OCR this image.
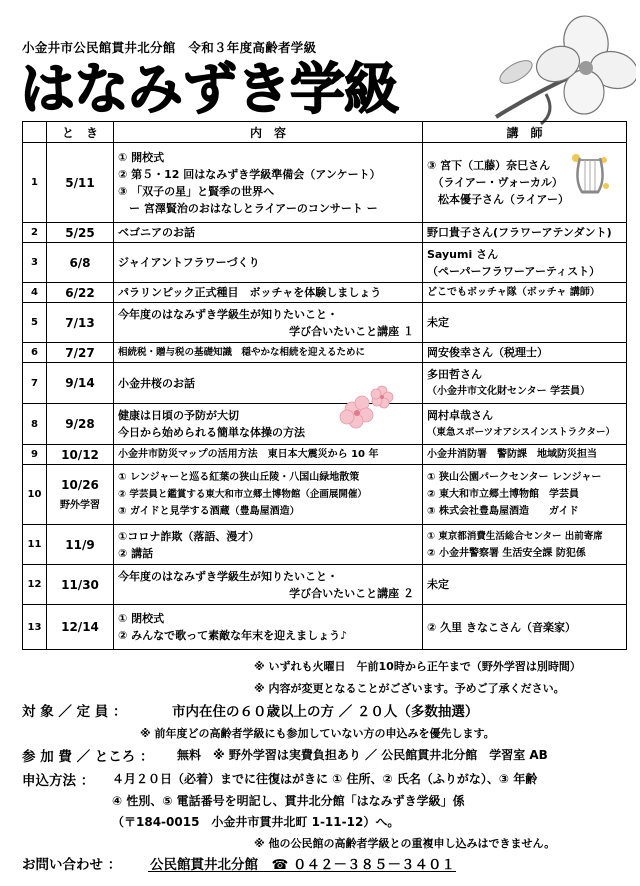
小金井市公民館貫井北分館　令和３年度高齢者学級
はなみずき学級
	と　き	内　容	講　師
1	5/11	① 開校式
② 第５・12 回はなみずき学級準備会（アンケート）
③ 「双子の星」と賢季の世界へ
　ー 宮澤賢治のおはなしとライアーのコンサート ー	③ 宮下（工藤）奈巳さん
　（ライアー・ヴォーカル）
　松本優子さん（ライアー）

2	5/25	ベゴニアのお話	野口貴子さん(フラワーアテンダント)

3	6/8	ジャイアントフラワーづくり	Sayumi さん
（ペーパーフラワーアーティスト）

4	6/22	パラリンピック正式種目　ボッチャを体験しましょう	どこでもボッチャ隊（ボッチャ 講師）

5	7/13	今年度のはなみずき学級生が知りたいこと・
学び合いたいこと講座 １	未定

6	7/27	相続税・贈与税の基礎知識　穏やかな相続を迎えるために	岡安俊幸さん（税理士）

7	9/14	小金井桜のお話	多田哲さん
（小金井市文化財センター 学芸員）

8	9/28	健康は日頃の予防が大切
今日から始められる簡単な体操の方法	岡村卓哉さん
（東急スポーツオアシスインストラクター）

9	10/12	小金井市防災マップの活用方法　東日本大震災から 10 年	小金井消防署　警防課　地域防災担当

10	10/26
野外学習	① レンジャーと巡る紅葉の狭山丘陵・八国山緑地散策
② 学芸員と鑑賞する東大和市立郷土博物館（企画展開催）
③ ガイドと見学する酒蔵（豊島屋酒造）	① 狭山公園パークセンター レンジャー
② 東大和市立郷土博物館　学芸員
③ 株式会社豊島屋酒造　　ガイド

11	11/9	①コロナ詐欺（落語、漫才）
② 講話	① 東京都消費生活総合センター 出前寄席
② 小金井警察署 生活安全課 防犯係

12	11/30	今年度のはなみずき学級生が知りたいこと・
学び合いたいこと講座 ２	未定

13	12/14	① 閉校式
② みんなで歌って素敵な年末を迎えましょう♪	② 久里 きなこさん（音楽家）
※ いずれも火曜日　午前10時から正午まで（野外学習は別時間）
※ 内容が変更となることがございます。予めご了承ください。
対 象 ／ 定 員 ：	市内在住の６０歳以上の方 ／ ２０人（多数抽選）
※ 前年度どの高齢者学級にも参加していない方の申込みを優先します。
参 加 費 ／ ところ ： 無料　※ 野外学習は実費負担あり ／ 公民館貫井北分館　学習室 AB
申込方法 ： ４月２０日（必着）までに往復はがきに ① 住所、② 氏名（ふりがな）、③ 年齢
④ 性別、⑤ 電話番号を明記し、貫井北分館「はなみずき学級」係
（〒184-0015　小金井市貫井北町 1-11-12）へ。
※ 他の公民館の高齢者学級との重複申し込みはできません。
お問い合わせ ： 公民館貫井北分館　☎ ０４２－３８５－３４０１
